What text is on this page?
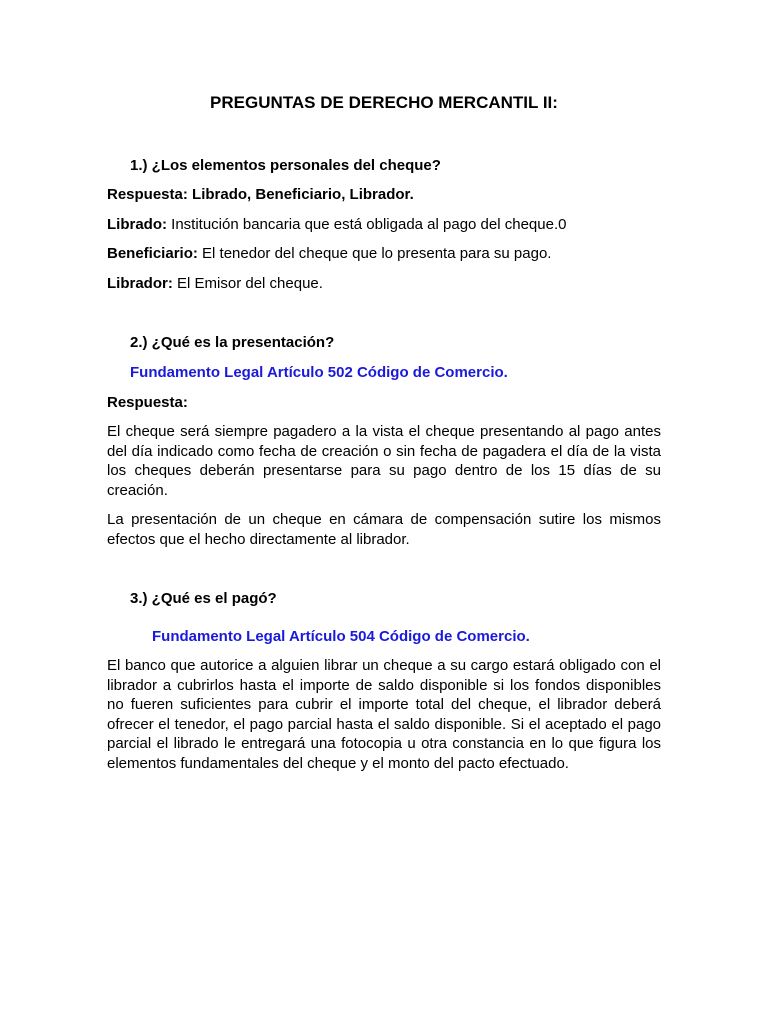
PREGUNTAS DE DERECHO MERCANTIL II:
1.) ¿Los elementos personales del cheque?
Respuesta: Librado, Beneficiario, Librador.
Librado: Institución bancaria que está obligada al pago del cheque.0
Beneficiario: El tenedor del cheque que lo presenta para su pago.
Librador: El Emisor del cheque.
2.) ¿Qué es la presentación?
Fundamento Legal Artículo 502 Código de Comercio.
Respuesta:
El cheque será siempre pagadero a la vista el cheque presentando al pago antes del día indicado como fecha de creación o sin fecha de pagadera el día de la vista los cheques deberán presentarse para su pago dentro de los 15 días de su creación.
La presentación de un cheque en cámara de compensación sutire los mismos efectos que el hecho directamente al librador.
3.) ¿Qué es el pagó?
Fundamento Legal Artículo 504 Código de Comercio.
El banco que autorice a alguien librar un cheque a su cargo estará obligado con el librador a cubrirlos hasta el importe de saldo disponible si los fondos disponibles no fueren suficientes para cubrir el importe total del cheque, el librador deberá ofrecer el tenedor, el pago parcial hasta el saldo disponible. Si el aceptado el pago parcial el librado le entregará una fotocopia u otra constancia en lo que figura los elementos fundamentales del cheque y el monto del pacto efectuado.
